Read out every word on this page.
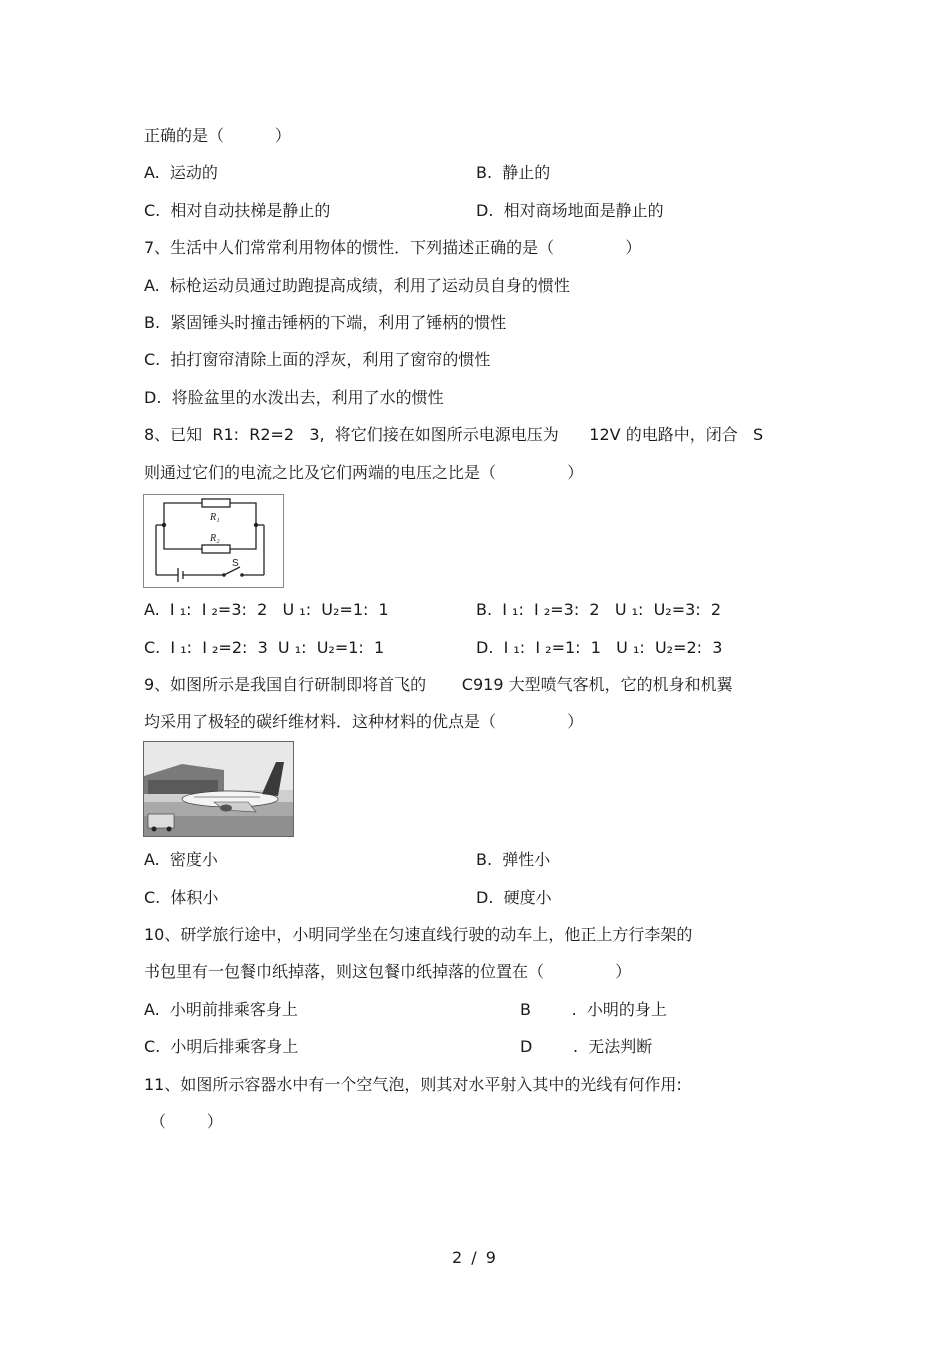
正确的是（          ）
A.  运动的	B.  静止的
C.  相对自动扶梯是静止的	D.  相对商场地面是静止的
7、生活中人们常常利用物体的惯性．下列描述正确的是（              ）
A.  标枪运动员通过助跑提高成绩，利用了运动员自身的惯性
B.  紧固锤头时撞击锤柄的下端，利用了锤柄的惯性
C.  拍打窗帘清除上面的浮灰，利用了窗帘的惯性
D.  将脸盆里的水泼出去，利用了水的惯性
8、已知  R1:  R2=2   3,  将它们接在如图所示电源电压为      12V 的电路中，闭合   S
则通过它们的电流之比及它们两端的电压之比是（              ）
R₁
R₂
S
A.  I ₁:  I ₂=3:  2   U ₁:  U₂=1:  1	B.  I ₁:  I ₂=3:  2   U ₁:  U₂=3:  2
C.  I ₁:  I ₂=2:  3  U ₁:  U₂=1:  1	D.  I ₁:  I ₂=1:  1   U ₁:  U₂=2:  3
9、如图所示是我国自行研制即将首飞的       C919 大型喷气客机，它的机身和机翼
均采用了极轻的碳纤维材料．这种材料的优点是（              ）
A.  密度小	B.  弹性小
C.  体积小	D.  硬度小
10、研学旅行途中，小明同学坐在匀速直线行驶的动车上，他正上方行李架的
书包里有一包餐巾纸掉落，则这包餐巾纸掉落的位置在（              ）
A.  小明前排乘客身上	B        .  小明的身上
C.  小明后排乘客身上	D        .  无法判断
11、如图所示容器水中有一个空气泡，则其对水平射入其中的光线有何作用:
（        ）
2 / 9
